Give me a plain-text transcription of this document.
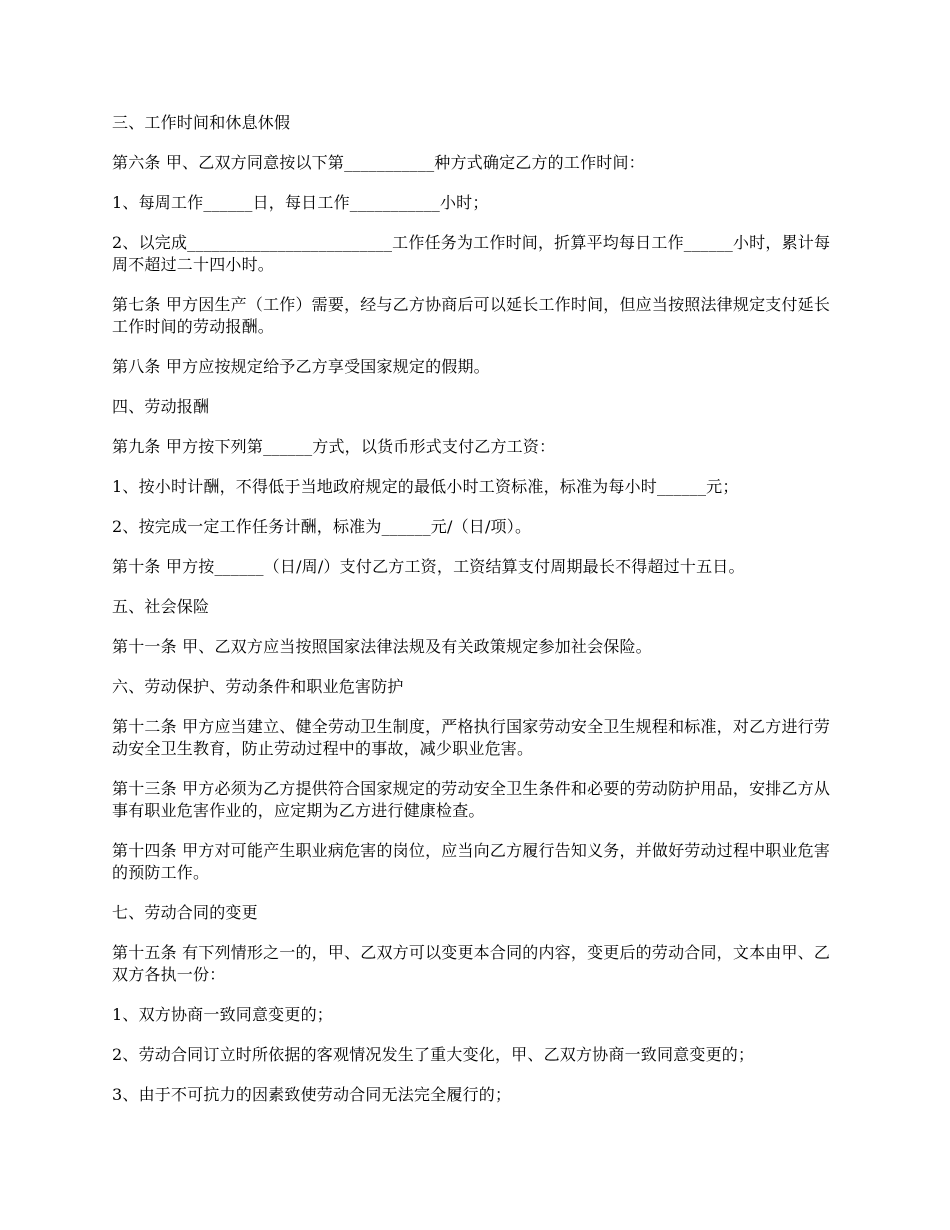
三、工作时间和休息休假

第六条 甲、乙双方同意按以下第___________种方式确定乙方的工作时间：

1、每周工作______日，每日工作___________小时；

2、以完成_________________________工作任务为工作时间，折算平均每日工作______小时，累计每周不超过二十四小时。

第七条 甲方因生产（工作）需要，经与乙方协商后可以延长工作时间，但应当按照法律规定支付延长工作时间的劳动报酬。

第八条 甲方应按规定给予乙方享受国家规定的假期。

四、劳动报酬

第九条 甲方按下列第______方式，以货币形式支付乙方工资：

1、按小时计酬，不得低于当地政府规定的最低小时工资标准，标准为每小时______元；

2、按完成一定工作任务计酬，标准为______元/（日/项）。

第十条 甲方按______（日/周/）支付乙方工资，工资结算支付周期最长不得超过十五日。

五、社会保险

第十一条 甲、乙双方应当按照国家法律法规及有关政策规定参加社会保险。

六、劳动保护、劳动条件和职业危害防护

第十二条 甲方应当建立、健全劳动卫生制度，严格执行国家劳动安全卫生规程和标准，对乙方进行劳动安全卫生教育，防止劳动过程中的事故，减少职业危害。

第十三条 甲方必须为乙方提供符合国家规定的劳动安全卫生条件和必要的劳动防护用品，安排乙方从事有职业危害作业的，应定期为乙方进行健康检查。

第十四条 甲方对可能产生职业病危害的岗位，应当向乙方履行告知义务，并做好劳动过程中职业危害的预防工作。

七、劳动合同的变更

第十五条 有下列情形之一的，甲、乙双方可以变更本合同的内容，变更后的劳动合同，文本由甲、乙双方各执一份：

1、双方协商一致同意变更的；

2、劳动合同订立时所依据的客观情况发生了重大变化，甲、乙双方协商一致同意变更的；

3、由于不可抗力的因素致使劳动合同无法完全履行的；
